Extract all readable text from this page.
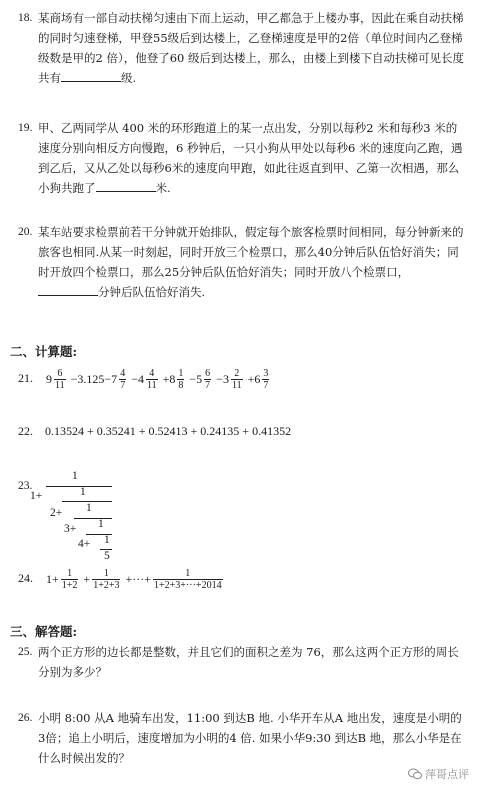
18. 某商场有一部自动扶梯匀速由下而上运动，甲乙都急于上楼办事，因此在乘自动扶梯的同时匀速登梯，甲登55级后到达楼上，乙登梯速度是甲的2倍（单位时间内乙登梯级数是甲的2 倍），他登了60 级后到达楼上，那么，由楼上到楼下自动扶梯可见长度共有	级.
19. 甲、乙两同学从 400 米的环形跑道上的某一点出发，分别以每秒2 米和每秒3 米的速度分别向相反方向慢跑，6 秒钟后，一只小狗从甲处以每秒6 米的速度向乙跑，遇到乙后，又从乙处以每秒6米的速度向甲跑，如此往返直到甲、乙第一次相遇，那么小狗共跑了	米.
20. 某车站要求检票前若干分钟就开始排队，假定每个旅客检票时间相同，每分钟新来的旅客也相同.从某一时刻起，同时开放三个检票口，那么40分钟后队伍恰好消失；同时开放四个检票口，那么25分钟后队伍恰好消失；同时开放八个检票口，分钟后队伍恰好消失.
二、计算题:
21. $9 \frac{6}{11} -3.125-7 \frac{4}{7} -4 \frac{4}{11} +8 \frac{1}{8} -5 \frac{6}{7} -3 \frac{2}{11} +6 \frac{3}{7}$
22. 0.13524 + 0.35241 + 0.52413 + 0.24135 + 0.41352
23.
1
1+	1
2+ 1
3+ 1
4+ 1
5
24. $1+ \frac{1}{1+2} + \frac{1}{1+2+3}$ +···+ $\frac{1}{1+2+3+\cdot\cdot\cdot+2014}$
三、解答题:
25. 两个正方形的边长都是整数，并且它们的面积之差为 76，那么这两个正方形的周长分别为多少？
26. 小明 8:00 从A 地骑车出发，11:00 到达B 地. 小华开车从A 地出发，速度是小明的3倍；追上小明后，速度增加为小明的4 倍. 如果小华9:30 到达B 地，那么小华是在什么时候出发的？
萍哥点评
